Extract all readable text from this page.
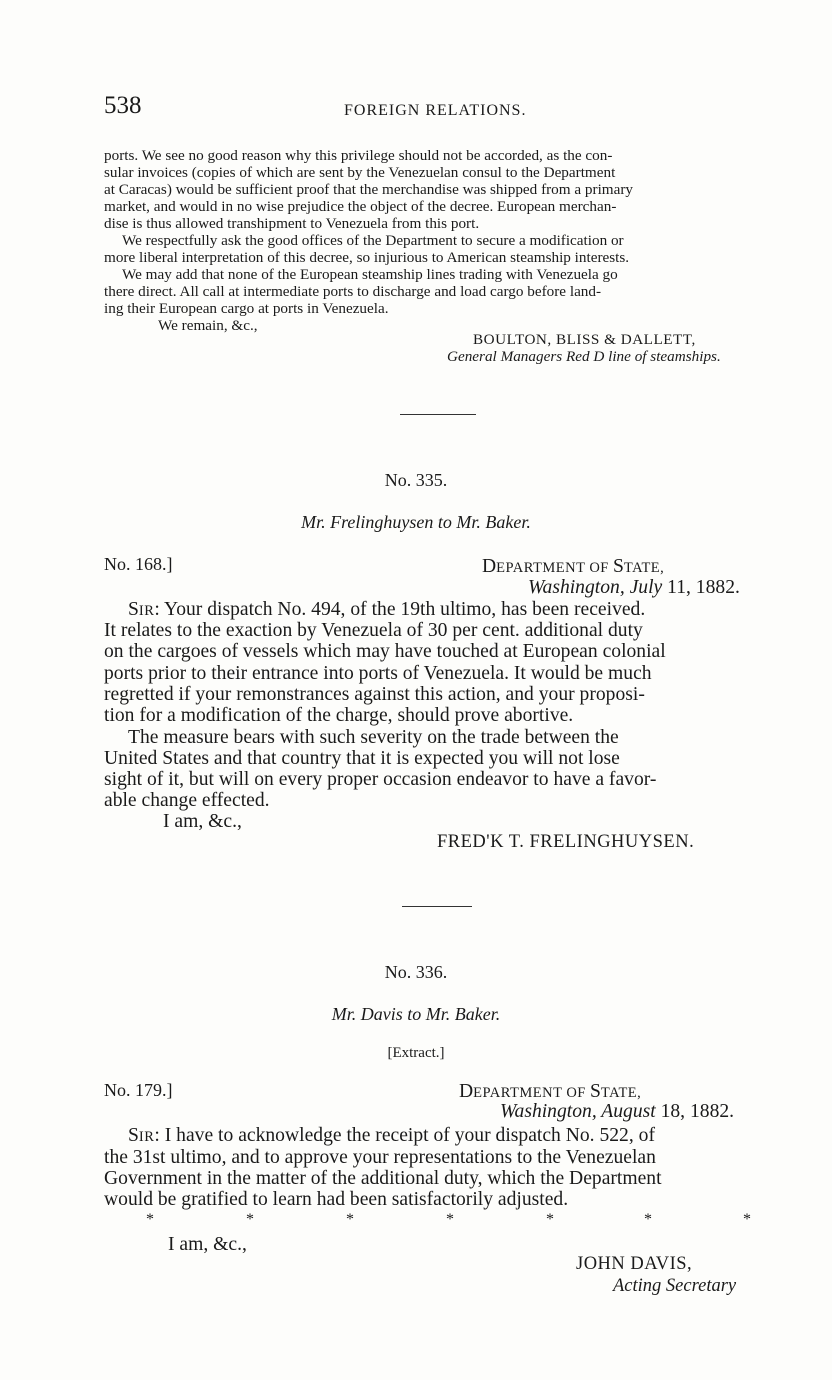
538	FOREIGN RELATIONS.
ports. We see no good reason why this privilege should not be accorded, as the con-
sular invoices (copies of which are sent by the Venezuelan consul to the Department
at Caracas) would be sufficient proof that the merchandise was shipped from a primary
market, and would in no wise prejudice the object of the decree. European merchan-
dise is thus allowed transhipment to Venezuela from this port.
We respectfully ask the good offices of the Department to secure a modification or
more liberal interpretation of this decree, so injurious to American steamship interests.
We may add that none of the European steamship lines trading with Venezuela go
there direct. All call at intermediate ports to discharge and load cargo before land-
ing their European cargo at ports in Venezuela.
We remain, &c.,
BOULTON, BLISS & DALLETT,
General Managers Red D line of steamships.
No. 335.
Mr. Frelinghuysen to Mr. Baker.
No. 168.]	DEPARTMENT OF STATE,
Washington, July 11, 1882.
SIR: Your dispatch No. 494, of the 19th ultimo, has been received.
It relates to the exaction by Venezuela of 30 per cent. additional duty
on the cargoes of vessels which may have touched at European colonial
ports prior to their entrance into ports of Venezuela. It would be much
regretted if your remonstrances against this action, and your proposi-
tion for a modification of the charge, should prove abortive.
The measure bears with such severity on the trade between the
United States and that country that it is expected you will not lose
sight of it, but will on every proper occasion endeavor to have a favor-
able change effected.
I am, &c.,
FRED'K T. FRELINGHUYSEN.
No. 336.
Mr. Davis to Mr. Baker.
[Extract.]
No. 179.]	DEPARTMENT OF STATE,
Washington, August 18, 1882.
SIR: I have to acknowledge the receipt of your dispatch No. 522, of
the 31st ultimo, and to approve your representations to the Venezuelan
Government in the matter of the additional duty, which the Department
would be gratified to learn had been satisfactorily adjusted.
*	*	*	*	*	*	*
I am, &c.,
JOHN DAVIS,
Acting Secretary
